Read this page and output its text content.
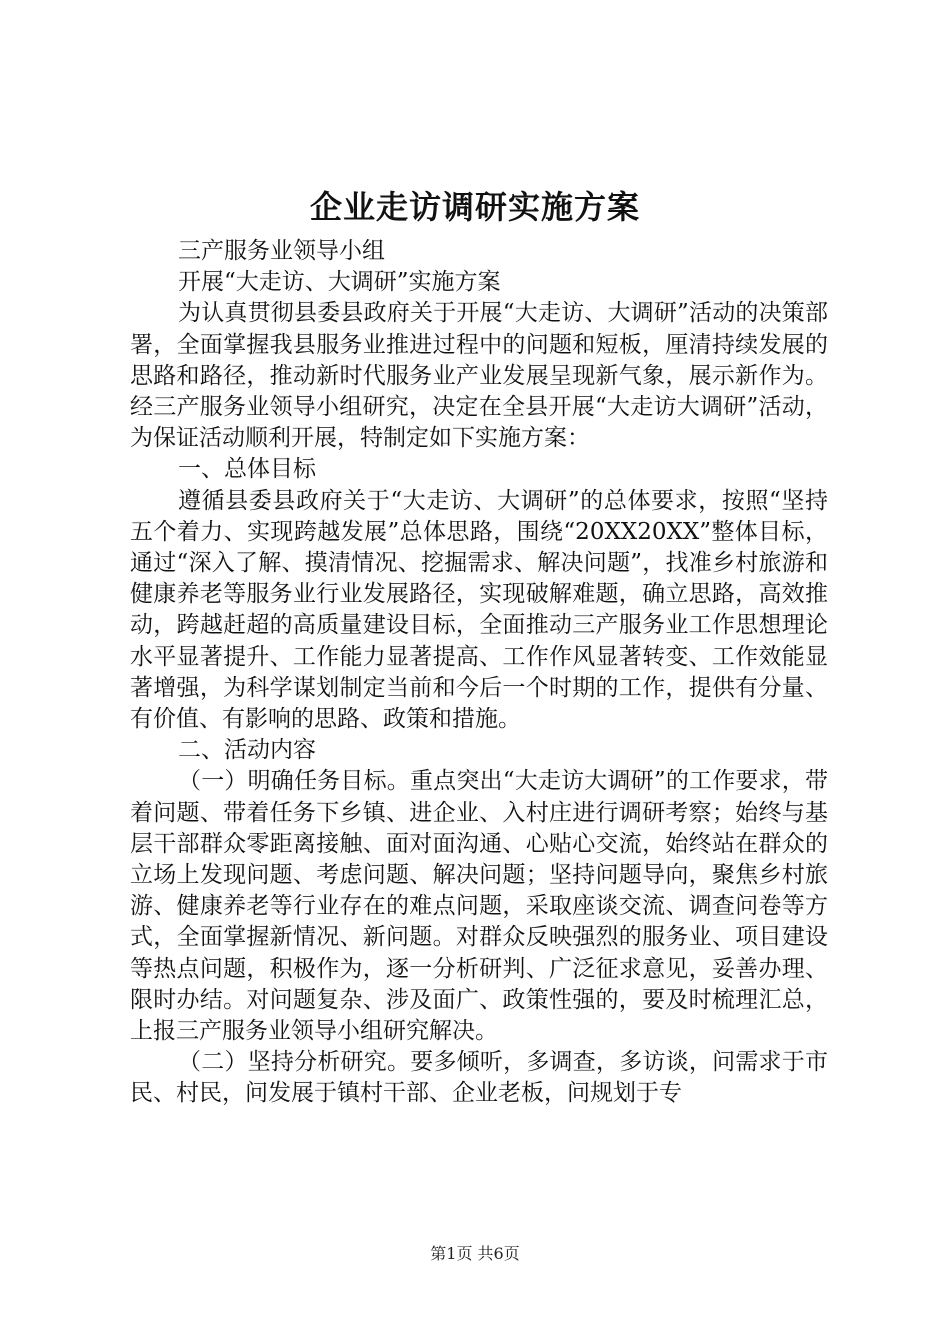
企业走访调研实施方案

三产服务业领导小组

开展“大走访、大调研”实施方案

为认真贯彻县委县政府关于开展“大走访、大调研”活动的决策部署，全面掌握我县服务业推进过程中的问题和短板，厘清持续发展的思路和路径，推动新时代服务业产业发展呈现新气象，展示新作为。经三产服务业领导小组研究，决定在全县开展“大走访大调研”活动，为保证活动顺利开展，特制定如下实施方案：

一、总体目标

遵循县委县政府关于“大走访、大调研”的总体要求，按照“坚持五个着力、实现跨越发展”总体思路，围绕“20XX20XX”整体目标，通过“深入了解、摸清情况、挖掘需求、解决问题”，找准乡村旅游和健康养老等服务业行业发展路径，实现破解难题，确立思路，高效推动，跨越赶超的高质量建设目标，全面推动三产服务业工作思想理论水平显著提升、工作能力显著提高、工作作风显著转变、工作效能显著增强，为科学谋划制定当前和今后一个时期的工作，提供有分量、有价值、有影响的思路、政策和措施。

二、活动内容

（一）明确任务目标。重点突出“大走访大调研”的工作要求，带着问题、带着任务下乡镇、进企业、入村庄进行调研考察；始终与基层干部群众零距离接触、面对面沟通、心贴心交流，始终站在群众的立场上发现问题、考虑问题、解决问题；坚持问题导向，聚焦乡村旅游、健康养老等行业存在的难点问题，采取座谈交流、调查问卷等方式，全面掌握新情况、新问题。对群众反映强烈的服务业、项目建设等热点问题，积极作为，逐一分析研判、广泛征求意见，妥善办理、限时办结。对问题复杂、涉及面广、政策性强的，要及时梳理汇总，上报三产服务业领导小组研究解决。

（二）坚持分析研究。要多倾听，多调查，多访谈，问需求于市民、村民，问发展于镇村干部、企业老板，问规划于专

第1页 共6页
